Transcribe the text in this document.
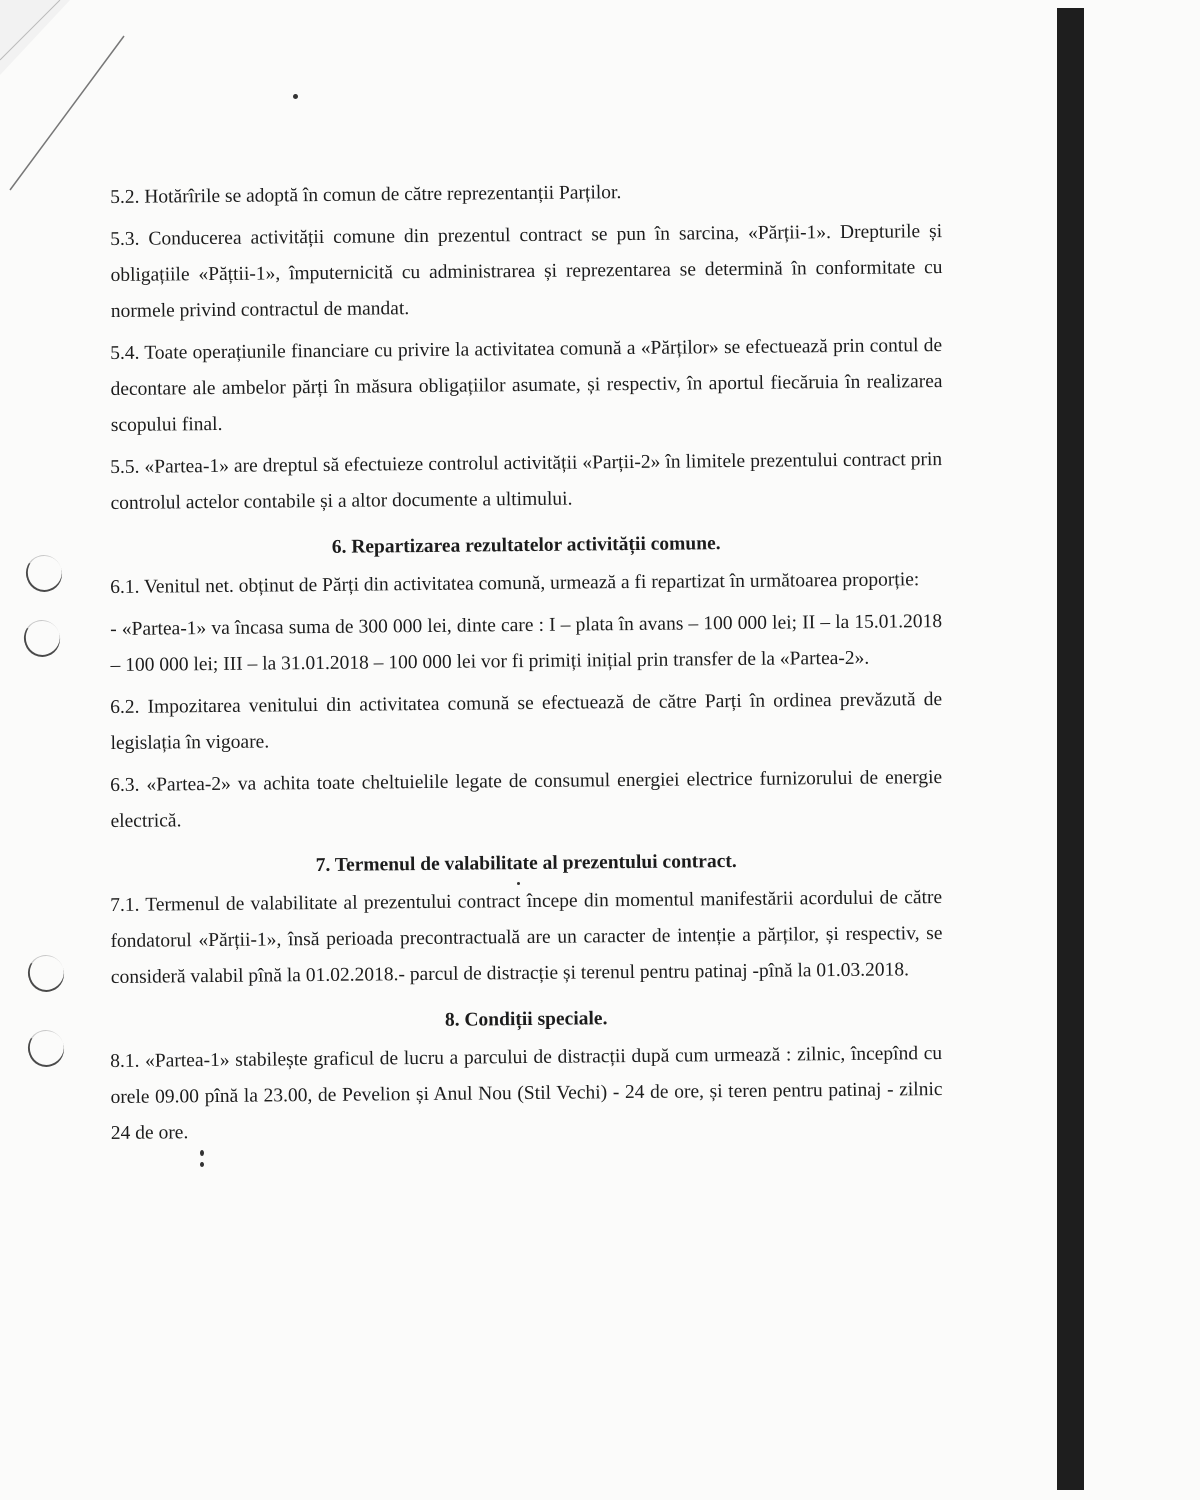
5.2. Hotărîrile se adoptă în comun de către reprezentanții Parților.

5.3. Conducerea activității comune din prezentul contract se pun în sarcina, «Părții-1». Drepturile și obligațiile «Pățtii-1», împuternicită cu administrarea și reprezentarea se determină în conformitate cu normele privind contractul de mandat.

5.4. Toate operațiunile financiare cu privire la activitatea comună a «Părților» se efectuează prin contul de decontare ale ambelor părți în măsura obligațiilor asumate, și respectiv, în aportul fiecăruia în realizarea scopului final.

5.5. «Partea-1» are dreptul să efectuieze controlul activității «Parții-2» în limitele prezentului contract prin controlul actelor contabile și a altor documente a ultimului.

6. Repartizarea rezultatelor activității comune.

6.1. Venitul net. obținut de Părți din activitatea comună, urmează a fi repartizat în următoarea proporție:

- «Partea-1» va încasa suma de 300 000 lei, dinte care : I – plata în avans – 100 000 lei; II – la 15.01.2018 – 100 000 lei; III – la 31.01.2018 – 100 000 lei vor fi primiți inițial prin transfer de la «Partea-2».

6.2. Impozitarea venitului din activitatea comună se efectuează de către Parți în ordinea prevăzută de legislația în vigoare.

6.3. «Partea-2» va achita toate cheltuielile legate de consumul energiei electrice furnizorului de energie electrică.

7. Termenul de valabilitate al prezentului contract.

7.1. Termenul de valabilitate al prezentului contract începe din momentul manifestării acordului de către fondatorul «Părții-1», însă perioada precontractuală are un caracter de intenție a părților, și respectiv, se consideră valabil pînă la 01.02.2018.- parcul de distracție și terenul pentru patinaj -pînă la 01.03.2018.

8. Condiții speciale.

8.1. «Partea-1» stabilește graficul de lucru a parcului de distracții după cum urmează : zilnic, începînd cu orele 09.00 pînă la 23.00, de Pevelion și Anul Nou (Stil Vechi) - 24 de ore, și teren pentru patinaj - zilnic 24 de ore.
